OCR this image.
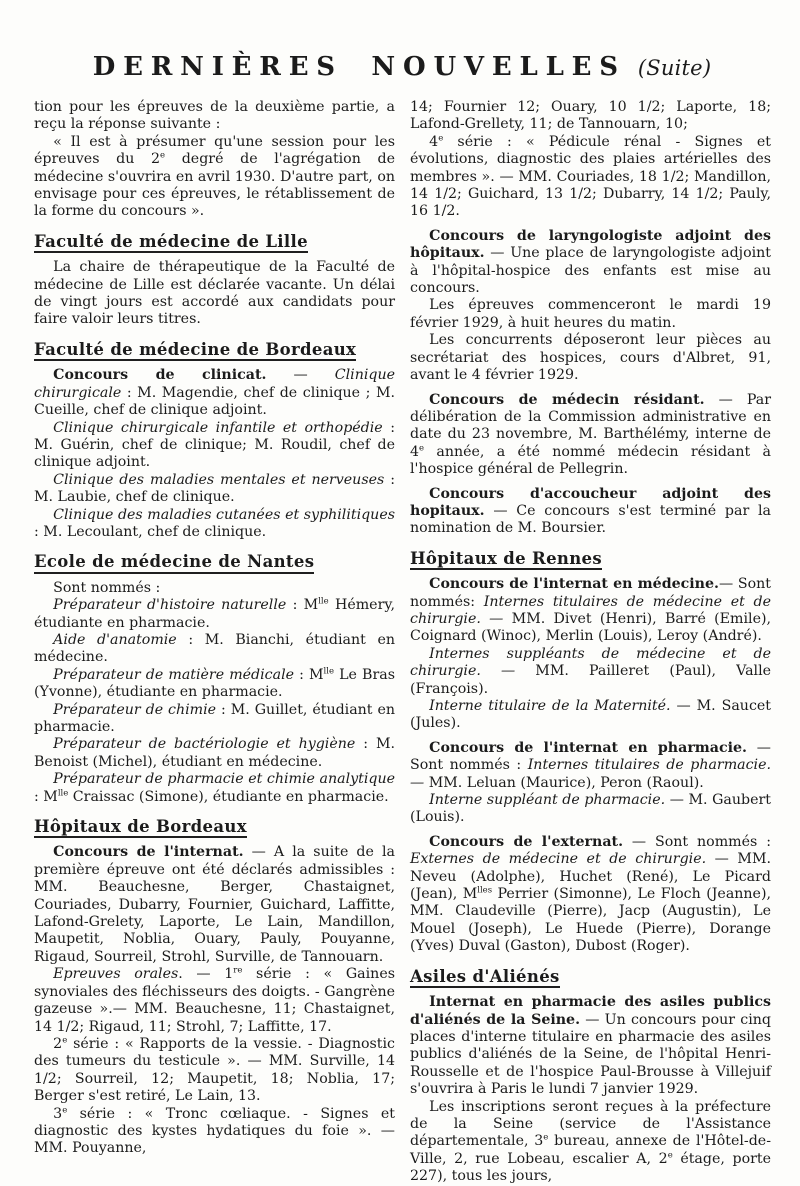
DERNIÈRES NOUVELLES (Suite)

tion pour les épreuves de la deuxième partie, a reçu la réponse suivante :

« Il est à présumer qu'une session pour les épreuves du 2e degré de l'agrégation de médecine s'ouvrira en avril 1930. D'autre part, on envisage pour ces épreuves, le rétablissement de la forme du concours ».

Faculté de médecine de Lille

La chaire de thérapeutique de la Faculté de médecine de Lille est déclarée vacante. Un délai de vingt jours est accordé aux candidats pour faire valoir leurs titres.

Faculté de médecine de Bordeaux

Concours de clinicat. — Clinique chirurgicale : M. Magendie, chef de clinique ; M. Cueille, chef de clinique adjoint.

Clinique chirurgicale infantile et orthopédie : M. Guérin, chef de clinique; M. Roudil, chef de clinique adjoint.

Clinique des maladies mentales et nerveuses : M. Laubie, chef de clinique.

Clinique des maladies cutanées et syphilitiques : M. Lecoulant, chef de clinique.

Ecole de médecine de Nantes

Sont nommés :

Préparateur d'histoire naturelle : $M^{lle}$ Hémery, étudiante en pharmacie.

Aide d'anatomie : M. Bianchi, étudiant en médecine.

Préparateur de matière médicale : $M^{lle}$ Le Bras (Yvonne), étudiante en pharmacie.

Préparateur de chimie : M. Guillet, étudiant en pharmacie.

Préparateur de bactériologie et hygiène : M. Benoist (Michel), étudiant en médecine.

Préparateur de pharmacie et chimie analytique : $M^{lle}$ Craissac (Simone), étudiante en pharmacie.

Hôpitaux de Bordeaux

Concours de l'internat. — A la suite de la première épreuve ont été déclarés admissibles : MM. Beauchesne, Berger, Chastaignet, Couriades, Dubarry, Fournier, Guichard, Laffitte, Lafond-Grelety, Laporte, Le Lain, Mandillon, Maupetit, Noblia, Ouary, Pauly, Pouyanne, Rigaud, Sourreil, Strohl, Surville, de Tannouarn.

Epreuves orales. — 1re série : « Gaines synoviales des fléchisseurs des doigts. - Gangrène gazeuse ».— MM. Beauchesne, 11; Chastaignet, 14 1/2; Rigaud, 11; Strohl, 7; Laffitte, 17.

2e série : « Rapports de la vessie. - Diagnostic des tumeurs du testicule ». — MM. Surville, 14 1/2; Sourreil, 12; Maupetit, 18; Noblia, 17; Berger s'est retiré, Le Lain, 13.

3e série : « Tronc cœliaque. - Signes et diagnostic des kystes hydatiques du foie ». — MM. Pouyanne,

14; Fournier 12; Ouary, 10 1/2; Laporte, 18; Lafond-Grellety, 11; de Tannouarn, 10;

4e série : « Pédicule rénal - Signes et évolutions, diagnostic des plaies artérielles des membres ». — MM. Couriades, 18 1/2; Mandillon, 14 1/2; Guichard, 13 1/2; Dubarry, 14 1/2; Pauly, 16 1/2.

Concours de laryngologiste adjoint des hôpitaux. — Une place de laryngologiste adjoint à l'hôpital-hospice des enfants est mise au concours.

Les épreuves commenceront le mardi 19 février 1929, à huit heures du matin.

Les concurrents déposeront leur pièces au secrétariat des hospices, cours d'Albret, 91, avant le 4 février 1929.

Concours de médecin résidant. — Par délibération de la Commission administrative en date du 23 novembre, M. Barthélémy, interne de 4e année, a été nommé médecin résidant à l'hospice général de Pellegrin.

Concours d'accoucheur adjoint des hopitaux. — Ce concours s'est terminé par la nomination de M. Boursier.

Hôpitaux de Rennes

Concours de l'internat en médecine.— Sont nommés: Internes titulaires de médecine et de chirurgie. — MM. Divet (Henri), Barré (Emile), Coignard (Winoc), Merlin (Louis), Leroy (André).

Internes suppléants de médecine et de chirurgie. — MM. Pailleret (Paul), Valle (François).

Interne titulaire de la Maternité. — M. Saucet (Jules).

Concours de l'internat en pharmacie. — Sont nommés : Internes titulaires de pharmacie.— MM. Leluan (Maurice), Peron (Raoul).

Interne suppléant de pharmacie. — M. Gaubert (Louis).

Concours de l'externat. — Sont nommés : Externes de médecine et de chirurgie. — MM. Neveu (Adolphe), Huchet (René), Le Picard (Jean), $M^{lles}$ Perrier (Simonne), Le Floch (Jeanne), MM. Claudeville (Pierre), Jacp (Augustin), Le Mouel (Joseph), Le Huede (Pierre), Dorange (Yves) Duval (Gaston), Dubost (Roger).

Asiles d'Aliénés

Internat en pharmacie des asiles publics d'aliénés de la Seine. — Un concours pour cinq places d'interne titulaire en pharmacie des asiles publics d'aliénés de la Seine, de l'hôpital Henri-Rousselle et de l'hospice Paul-Brousse à Villejuif s'ouvrira à Paris le lundi 7 janvier 1929.

Les inscriptions seront reçues à la préfecture de la Seine (service de l'Assistance départementale, 3e bureau, annexe de l'Hôtel-de-Ville, 2, rue Lobeau, escalier A, 2e étage, porte 227), tous les jours,
